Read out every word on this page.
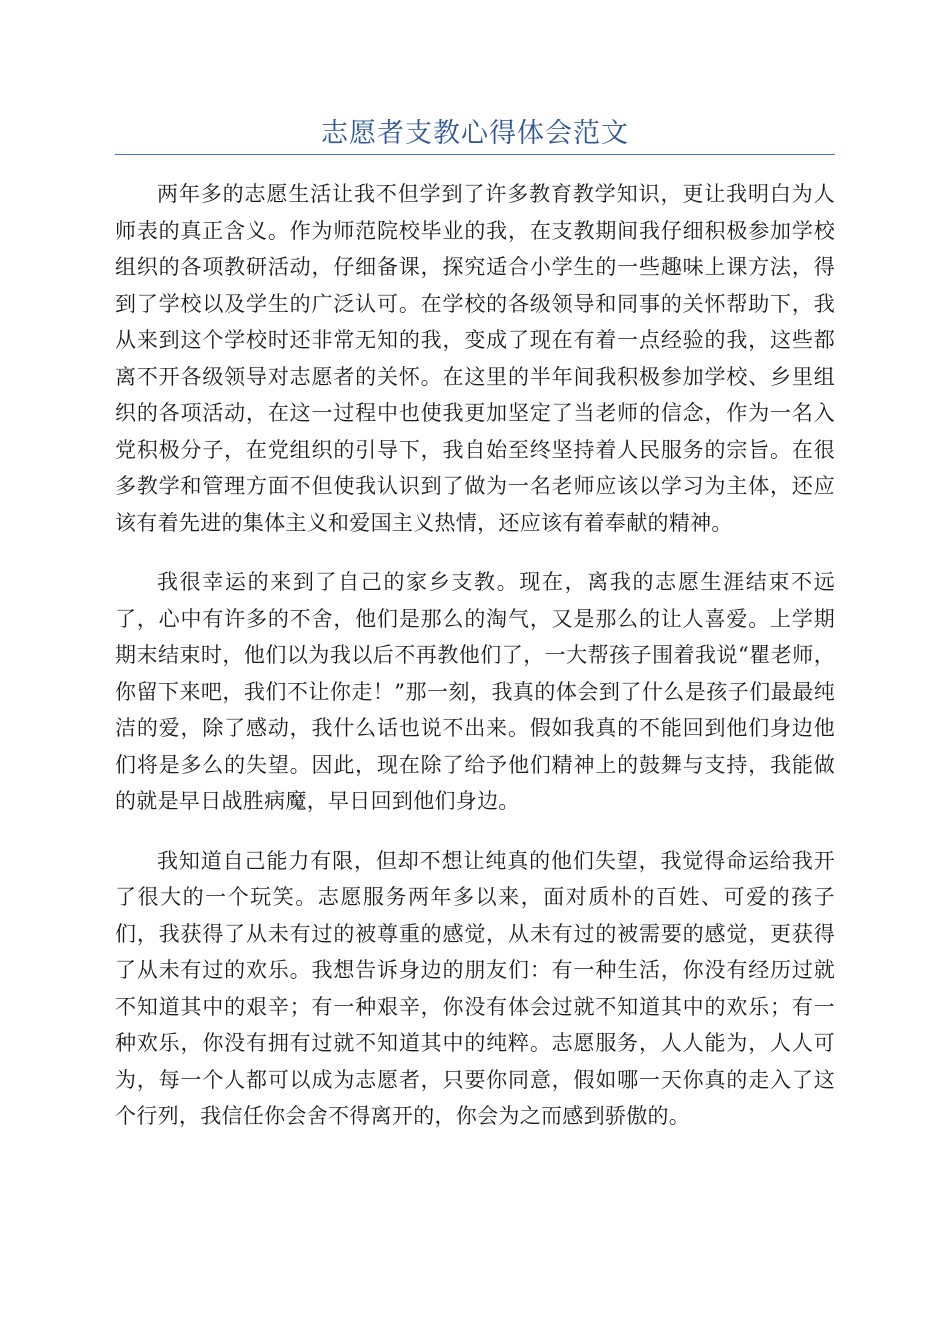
志愿者支教心得体会范文

两年多的志愿生活让我不但学到了许多教育教学知识，更让我明白为人师表的真正含义。作为师范院校毕业的我，在支教期间我仔细积极参加学校组织的各项教研活动，仔细备课，探究适合小学生的一些趣味上课方法，得到了学校以及学生的广泛认可。在学校的各级领导和同事的关怀帮助下，我从来到这个学校时还非常无知的我，变成了现在有着一点经验的我，这些都离不开各级领导对志愿者的关怀。在这里的半年间我积极参加学校、乡里组织的各项活动，在这一过程中也使我更加坚定了当老师的信念，作为一名入党积极分子，在党组织的引导下，我自始至终坚持着人民服务的宗旨。在很多教学和管理方面不但使我认识到了做为一名老师应该以学习为主体，还应该有着先进的集体主义和爱国主义热情，还应该有着奉献的精神。

我很幸运的来到了自己的家乡支教。现在，离我的志愿生涯结束不远了，心中有许多的不舍，他们是那么的淘气，又是那么的让人喜爱。上学期期末结束时，他们以为我以后不再教他们了，一大帮孩子围着我说“瞿老师，你留下来吧，我们不让你走！”那一刻，我真的体会到了什么是孩子们最最纯洁的爱，除了感动，我什么话也说不出来。假如我真的不能回到他们身边他们将是多么的失望。因此，现在除了给予他们精神上的鼓舞与支持，我能做的就是早日战胜病魔，早日回到他们身边。

我知道自己能力有限，但却不想让纯真的他们失望，我觉得命运给我开了很大的一个玩笑。志愿服务两年多以来，面对质朴的百姓、可爱的孩子们，我获得了从未有过的被尊重的感觉，从未有过的被需要的感觉，更获得了从未有过的欢乐。我想告诉身边的朋友们：有一种生活，你没有经历过就不知道其中的艰辛；有一种艰辛，你没有体会过就不知道其中的欢乐；有一种欢乐，你没有拥有过就不知道其中的纯粹。志愿服务，人人能为，人人可为，每一个人都可以成为志愿者，只要你同意，假如哪一天你真的走入了这个行列，我信任你会舍不得离开的，你会为之而感到骄傲的。
